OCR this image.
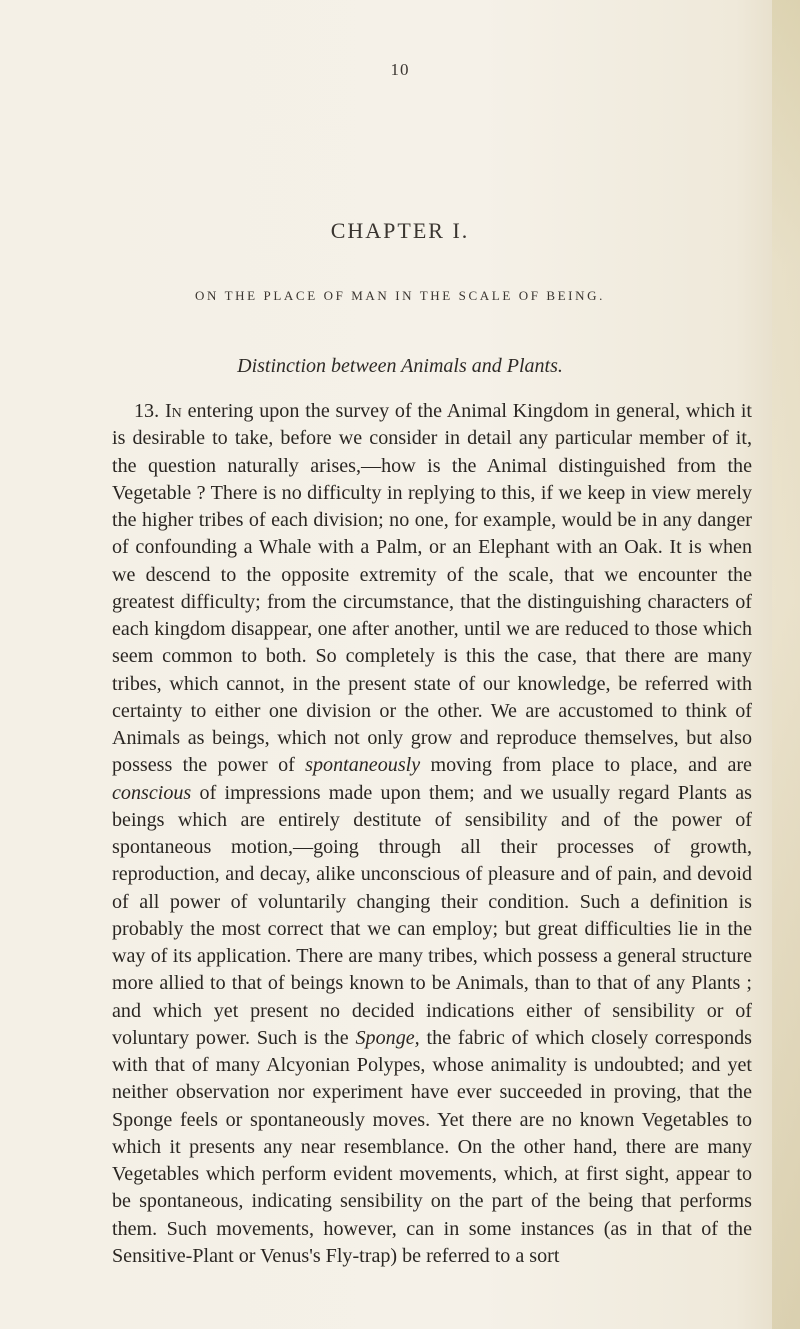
10
CHAPTER I.
ON THE PLACE OF MAN IN THE SCALE OF BEING.
Distinction between Animals and Plants.
13. In entering upon the survey of the Animal Kingdom in general, which it is desirable to take, before we consider in detail any particular member of it, the question naturally arises,—how is the Animal distinguished from the Vegetable ? There is no difficulty in replying to this, if we keep in view merely the higher tribes of each division; no one, for example, would be in any danger of confounding a Whale with a Palm, or an Elephant with an Oak. It is when we descend to the opposite extremity of the scale, that we encounter the greatest difficulty; from the circumstance, that the distinguishing characters of each kingdom disappear, one after another, until we are reduced to those which seem common to both. So completely is this the case, that there are many tribes, which cannot, in the present state of our knowledge, be referred with certainty to either one division or the other. We are accustomed to think of Animals as beings, which not only grow and reproduce themselves, but also possess the power of spontaneously moving from place to place, and are conscious of impressions made upon them; and we usually regard Plants as beings which are entirely destitute of sensibility and of the power of spontaneous motion,—going through all their processes of growth, reproduction, and decay, alike unconscious of pleasure and of pain, and devoid of all power of voluntarily changing their condition. Such a definition is probably the most correct that we can employ; but great difficulties lie in the way of its application. There are many tribes, which possess a general structure more allied to that of beings known to be Animals, than to that of any Plants ; and which yet present no decided indications either of sensibility or of voluntary power. Such is the Sponge, the fabric of which closely corresponds with that of many Alcyonian Polypes, whose animality is undoubted; and yet neither observation nor experiment have ever succeeded in proving, that the Sponge feels or spontaneously moves. Yet there are no known Vegetables to which it presents any near resemblance. On the other hand, there are many Vegetables which perform evident movements, which, at first sight, appear to be spontaneous, indicating sensibility on the part of the being that performs them. Such movements, however, can in some instances (as in that of the Sensitive-Plant or Venus's Fly-trap) be referred to a sort
